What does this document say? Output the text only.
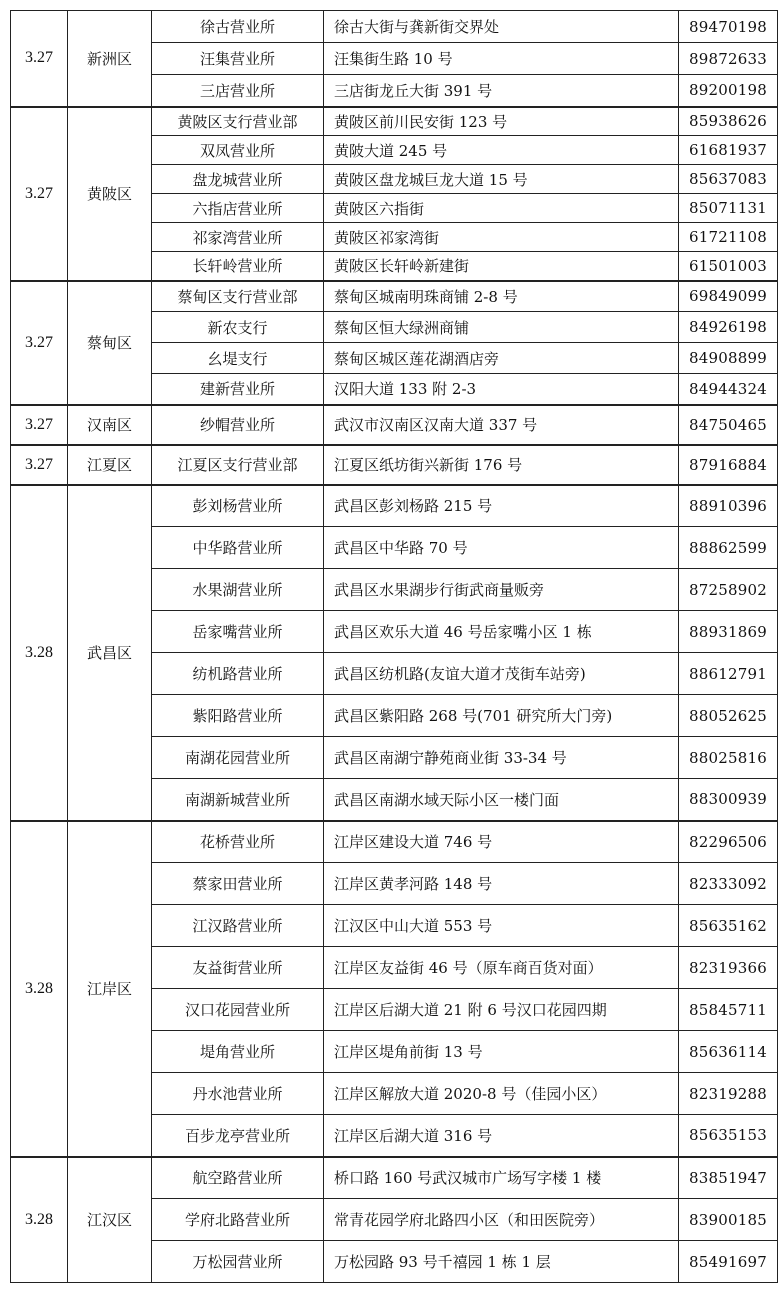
3.27	新洲区	徐古营业所	徐古大街与龚新街交界处	89470198
		汪集营业所	汪集街生路 10 号	89872633
		三店营业所	三店街龙丘大街 391 号	89200198
3.27	黄陂区	黄陂区支行营业部	黄陂区前川民安街 123 号	85938626
		双凤营业所	黄陂大道 245 号	61681937
		盘龙城营业所	黄陂区盘龙城巨龙大道 15 号	85637083
		六指店营业所	黄陂区六指街	85071131
		祁家湾营业所	黄陂区祁家湾街	61721108
		长轩岭营业所	黄陂区长轩岭新建街	61501003
3.27	蔡甸区	蔡甸区支行营业部	蔡甸区城南明珠商铺 2-8 号	69849099
		新农支行	蔡甸区恒大绿洲商铺	84926198
		幺堤支行	蔡甸区城区莲花湖酒店旁	84908899
		建新营业所	汉阳大道 133 附 2-3	84944324
3.27	汉南区	纱帽营业所	武汉市汉南区汉南大道 337 号	84750465
3.27	江夏区	江夏区支行营业部	江夏区纸坊街兴新街 176 号	87916884
3.28	武昌区	彭刘杨营业所	武昌区彭刘杨路 215 号	88910396
		中华路营业所	武昌区中华路 70 号	88862599
		水果湖营业所	武昌区水果湖步行街武商量贩旁	87258902
		岳家嘴营业所	武昌区欢乐大道 46 号岳家嘴小区 1 栋	88931869
		纺机路营业所	武昌区纺机路(友谊大道才茂街车站旁)	88612791
		紫阳路营业所	武昌区紫阳路 268 号(701 研究所大门旁)	88052625
		南湖花园营业所	武昌区南湖宁静苑商业街 33-34 号	88025816
		南湖新城营业所	武昌区南湖水域天际小区一楼门面	88300939
3.28	江岸区	花桥营业所	江岸区建设大道 746 号	82296506
		蔡家田营业所	江岸区黄孝河路 148 号	82333092
		江汉路营业所	江汉区中山大道 553 号	85635162
		友益街营业所	江岸区友益街 46 号（原车商百货对面）	82319366
		汉口花园营业所	江岸区后湖大道 21 附 6 号汉口花园四期	85845711
		堤角营业所	江岸区堤角前街 13 号	85636114
		丹水池营业所	江岸区解放大道 2020-8 号（佳园小区）	82319288
		百步龙亭营业所	江岸区后湖大道 316 号	85635153
3.28	江汉区	航空路营业所	桥口路 160 号武汉城市广场写字楼 1 楼	83851947
		学府北路营业所	常青花园学府北路四小区（和田医院旁）	83900185
		万松园营业所	万松园路 93 号千禧园 1 栋 1 层	85491697
